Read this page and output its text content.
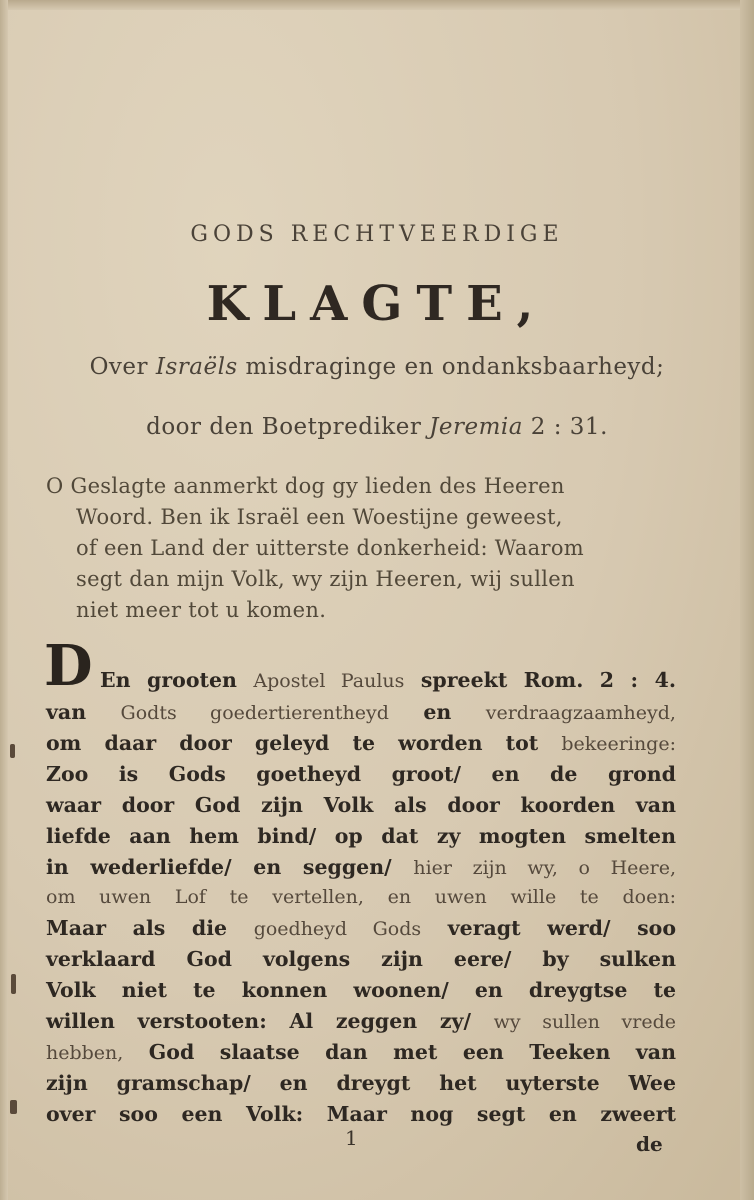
GODS RECHTVEERDIGE
KLAGTE,
Over Israëls misdraginge en ondanksbaarheyd;
door den Boetprediker Jeremia 2 : 31.
O Geslagte aanmerkt dog gy lieden des Heeren
Woord. Ben ik Israël een Woestijne geweest,
of een Land der uitterste donkerheid: Waarom
segt dan mijn Volk, wy zijn Heeren, wij sullen
niet meer tot u komen.
D En grooten Apostel Paulus spreekt Rom. 2 : 4.
van Godts goedertierentheyd en verdraagzaamheyd,
om daar door geleyd te worden tot bekeeringe:
Zoo is Gods goetheyd groot/ en de grond
waar door God zijn Volk als door koorden van
liefde aan hem bind/ op dat zy mogten smelten
in wederliefde/ en seggen/ hier zijn wy, o Heere,
om uwen Lof te vertellen, en uwen wille te doen:
Maar als die goedheyd Gods veragt werd/ soo
verklaard God volgens zijn eere/ by sulken
Volk niet te konnen woonen/ en dreygtse te
willen verstooten: Al zeggen zy/ wy sullen vrede
hebben, God slaatse dan met een Teeken van
zijn gramschap/ en dreygt het uyterste Wee
over soo een Volk: Maar nog segt en zweert
1	de
